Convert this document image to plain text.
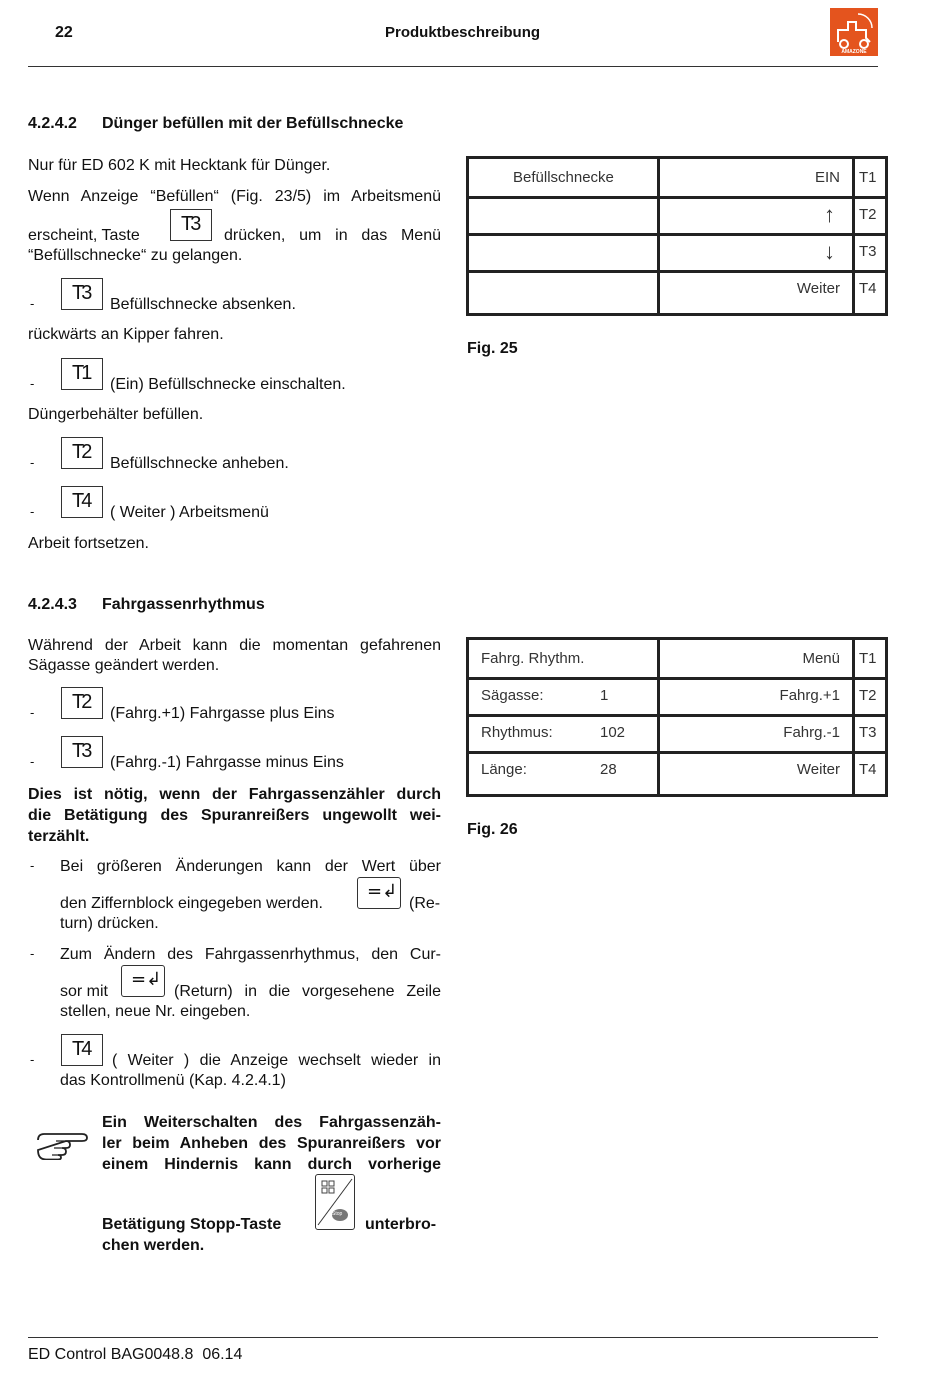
22	Produktbeschreibung
AMAZONE
4.2.4.2 Dünger befüllen mit der Befüllschnecke
Nur für ED 602 K mit Hecktank für Dünger.
Wenn Anzeige “Befüllen“ (Fig. 23/5) im Arbeitsmenü
erscheint, Taste
T3
drücken, um in das Menü
“Befüllschnecke“ zu gelangen.
- T3
Befüllschnecke absenken.
rückwärts an Kipper fahren.
- T1
(Ein) Befüllschnecke einschalten.
Düngerbehälter befüllen.
- T2
Befüllschnecke anheben.
- T4
( Weiter ) Arbeitsmenü
Arbeit fortsetzen.
Befüllschnecke	EIN T1
↑ T2
↓ T3
Weiter T4
Fig. 25
4.2.4.3 Fahrgassenrhythmus
Während der Arbeit kann die momentan gefahrenen
Sägasse geändert werden.
- T2
(Fahrg.+1) Fahrgasse plus Eins
- T3
(Fahrg.-1) Fahrgasse minus Eins
Dies ist nötig, wenn der Fahrgassenzähler durch
die Betätigung des Spuranreißers ungewollt wei-
terzählt.
- Bei größeren Änderungen kann der Wert über
den Ziffernblock eingegeben werden.
=↲
(Re-
turn) drücken.
- Zum Ändern des Fahrgassenrhythmus, den Cur-
sor mit
=↲
(Return) in die vorgesehene Zeile
stellen, neue Nr. eingeben.
- T4
( Weiter ) die Anzeige wechselt wieder in
das Kontrollmenü (Kap. 4.2.4.1)
Ein Weiterschalten des Fahrgassenzäh-
ler beim Anheben des Spuranreißers vor
einem Hindernis kann durch vorherige
Betätigung Stopp-Taste
Stop
unterbro-
chen werden.
Fahrg. Rhythm.	Menü T1
Sägasse:	1	Fahrg.+1 T2
Rhythmus:	102	Fahrg.-1 T3
Länge:	28	Weiter T4
Fig. 26
ED Control BAG0048.8  06.14
